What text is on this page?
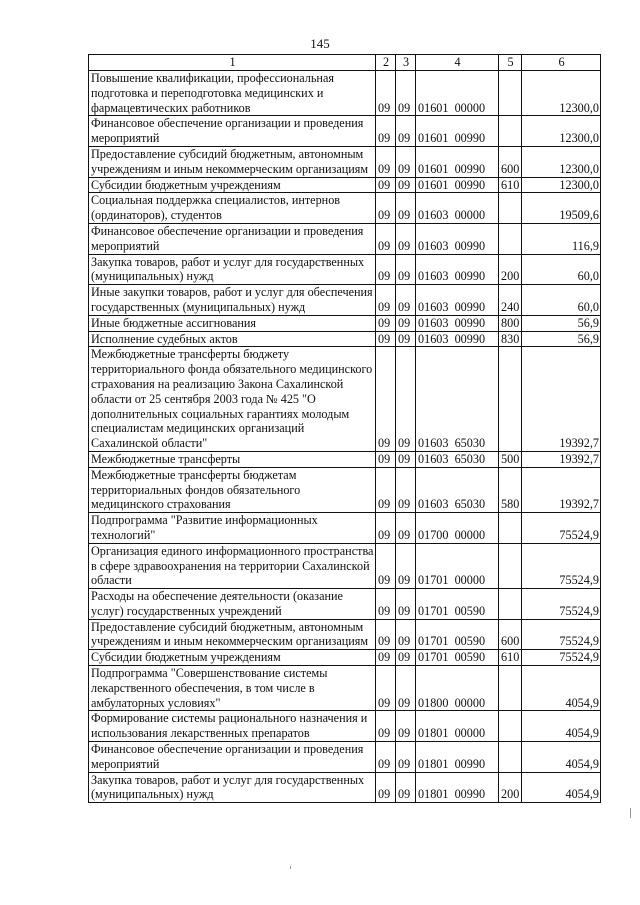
145
1	2	3	4	5	6
Повышение квалификации, профессиональная подготовка и переподготовка медицинских и фармацевтических работников	09	09	01601  00000		12300,0
Финансовое обеспечение организации и проведения мероприятий	09	09	01601  00990		12300,0
Предоставление субсидий бюджетным, автономным учреждениям и иным некоммерческим организациям	09	09	01601  00990	600	12300,0
Субсидии бюджетным учреждениям	09	09	01601  00990	610	12300,0
Социальная поддержка специалистов, интернов (ординаторов), студентов	09	09	01603  00000		19509,6
Финансовое обеспечение организации и проведения мероприятий	09	09	01603  00990		116,9
Закупка товаров, работ и услуг для государственных (муниципальных) нужд	09	09	01603  00990	200	60,0
Иные закупки товаров, работ и услуг для обеспечения государственных (муниципальных) нужд	09	09	01603  00990	240	60,0
Иные бюджетные ассигнования	09	09	01603  00990	800	56,9
Исполнение судебных актов	09	09	01603  00990	830	56,9
Межбюджетные трансферты бюджету территориального фонда обязательного медицинского страхования на реализацию Закона Сахалинской области от 25 сентября 2003 года № 425 "О дополнительных социальных гарантиях молодым специалистам медицинских организаций Сахалинской области"	09	09	01603  65030		19392,7
Межбюджетные трансферты	09	09	01603  65030	500	19392,7
Межбюджетные трансферты бюджетам территориальных фондов обязательного медицинского страхования	09	09	01603  65030	580	19392,7
Подпрограмма "Развитие информационных технологий"	09	09	01700  00000		75524,9
Организация единого информационного пространства в сфере здравоохранения на территории Сахалинской области	09	09	01701  00000		75524,9
Расходы на обеспечение деятельности (оказание услуг) государственных учреждений	09	09	01701  00590		75524,9
Предоставление субсидий бюджетным, автономным учреждениям и иным некоммерческим организациям	09	09	01701  00590	600	75524,9
Субсидии бюджетным учреждениям	09	09	01701  00590	610	75524,9
Подпрограмма "Совершенствование системы лекарственного обеспечения, в том числе в амбулаторных условиях"	09	09	01800  00000		4054,9
Формирование системы рационального назначения и использования лекарственных препаратов	09	09	01801  00000		4054,9
Финансовое обеспечение организации и проведения мероприятий	09	09	01801  00990		4054,9
Закупка товаров, работ и услуг для государственных (муниципальных) нужд	09	09	01801  00990	200	4054,9
